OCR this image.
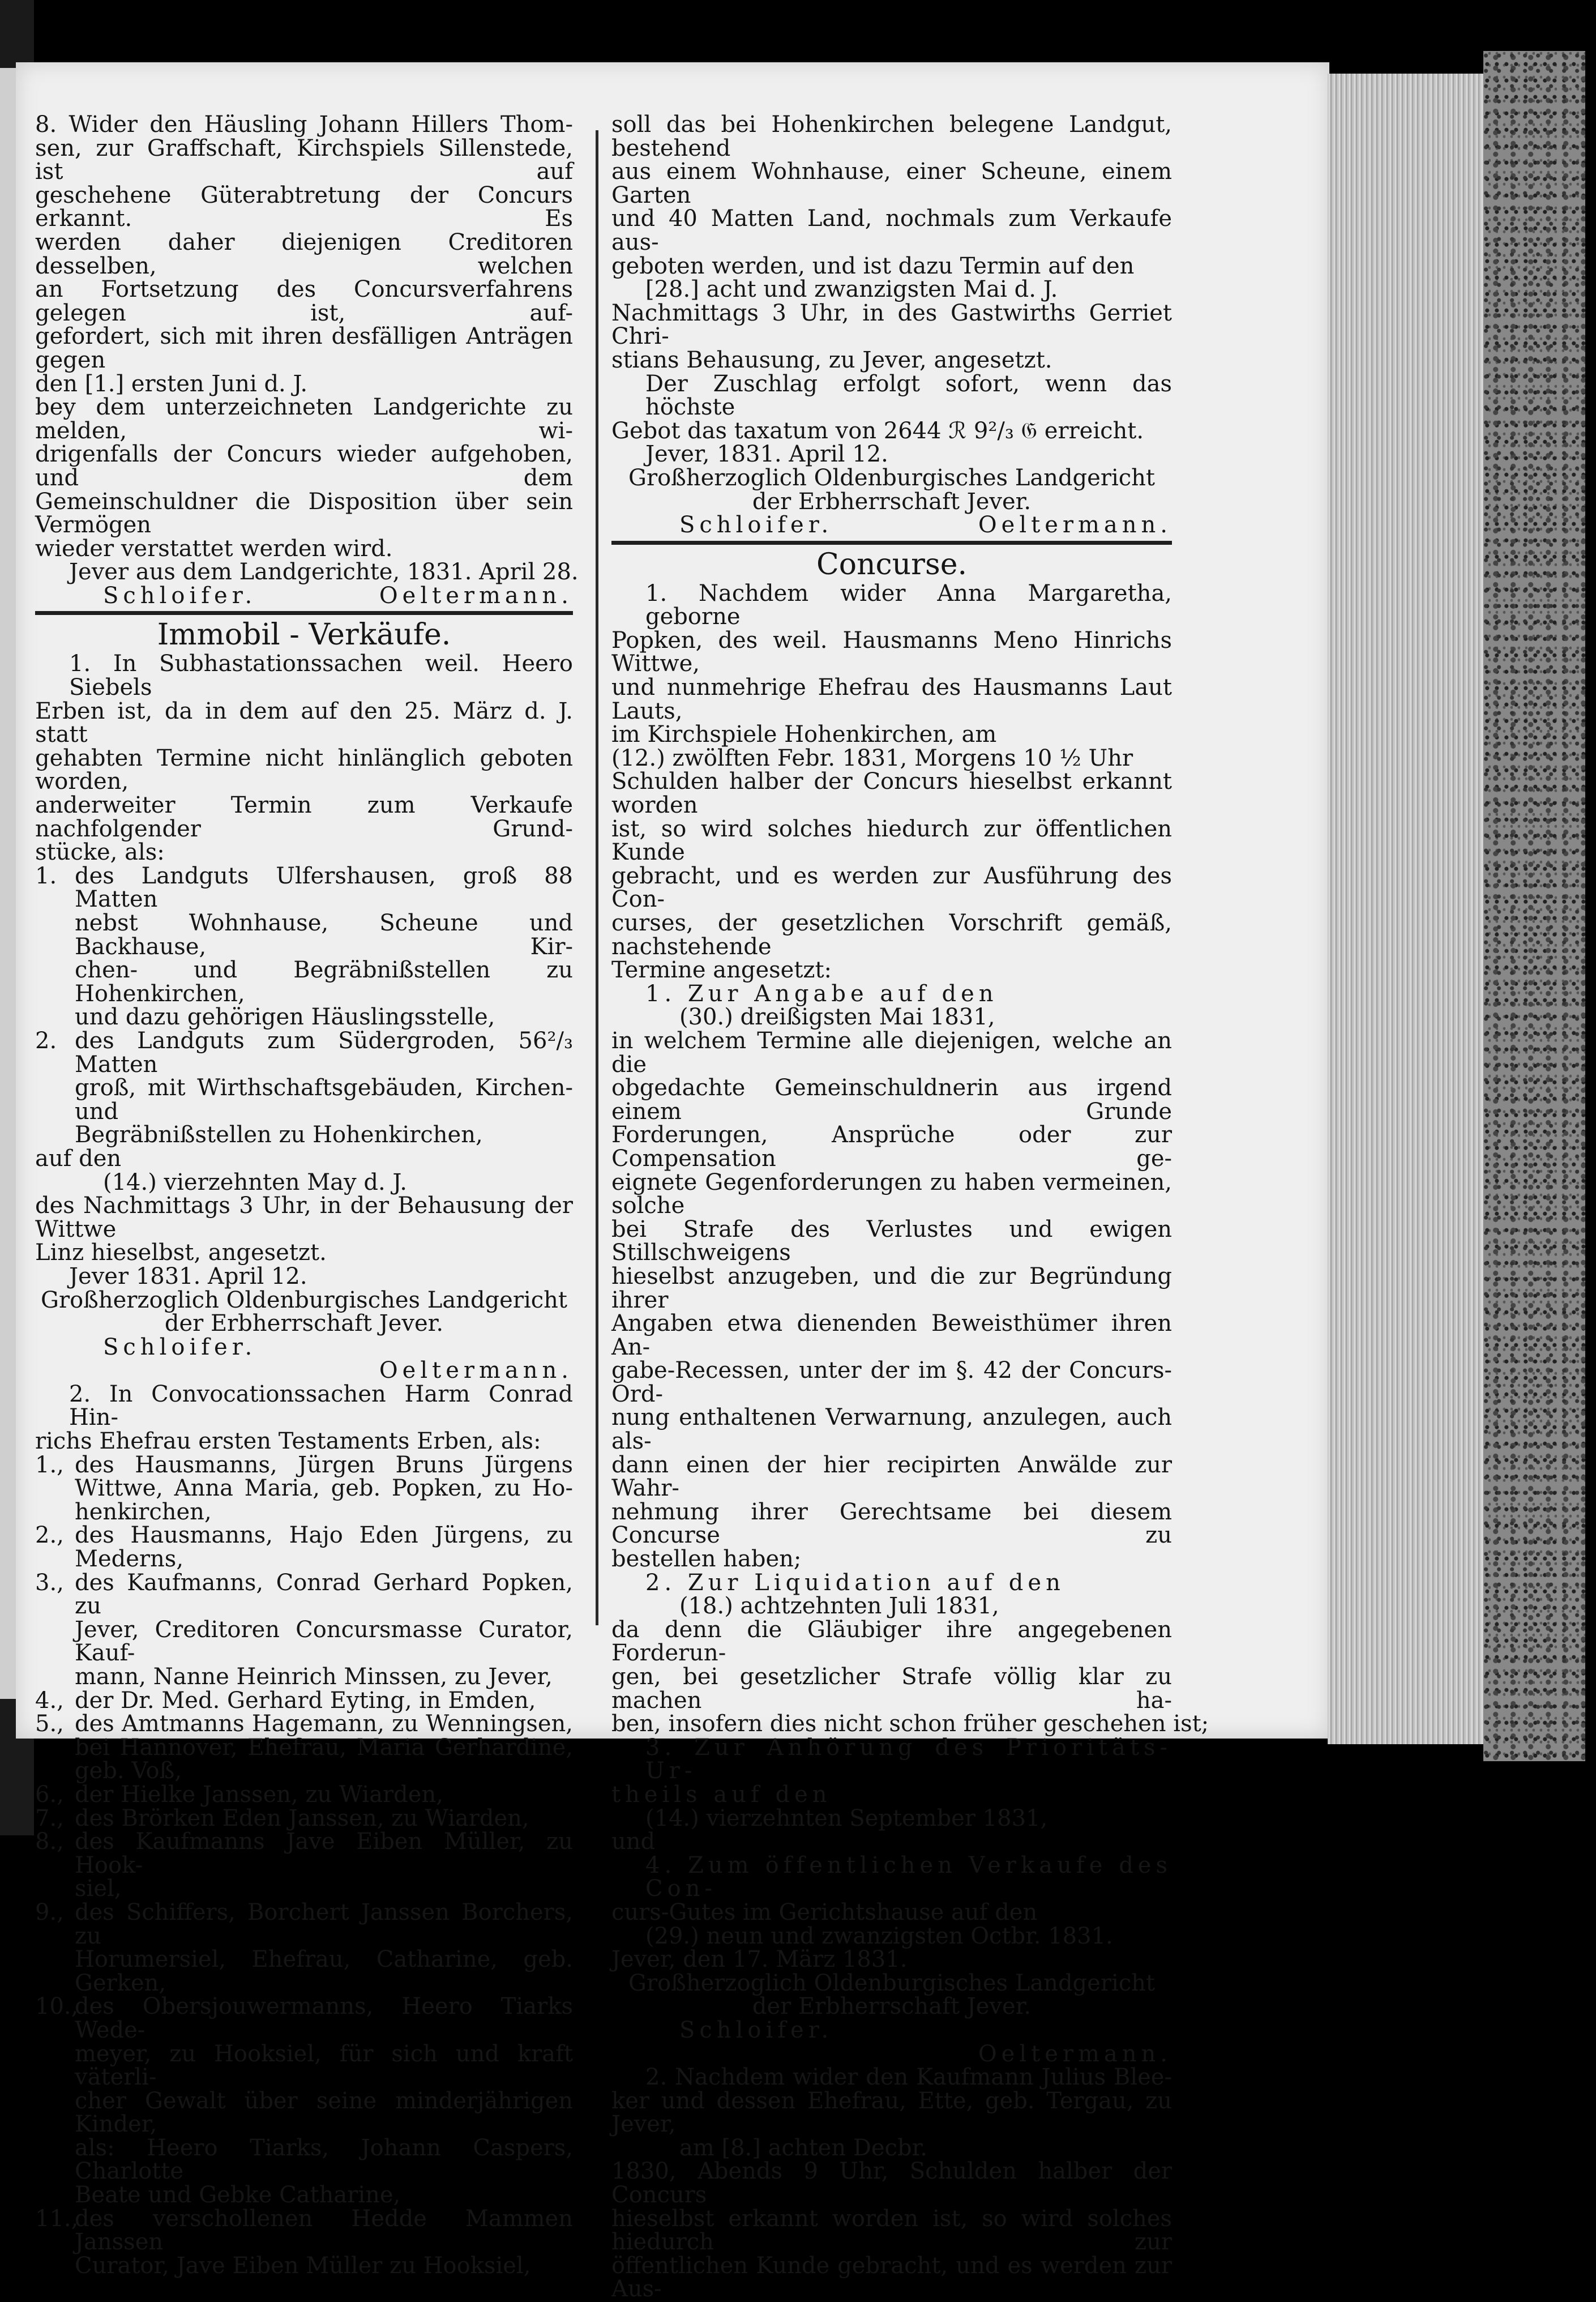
8. Wider den Häusling Johann Hillers Thom-
sen, zur Graffschaft, Kirchspiels Sillenstede, ist auf
geschehene Güterabtretung der Concurs erkannt. Es
werden daher diejenigen Creditoren desselben, welchen
an Fortsetzung des Concursverfahrens gelegen ist, auf-
gefordert, sich mit ihren desfälligen Anträgen gegen
den [1.] ersten Juni d. J.
bey dem unterzeichneten Landgerichte zu melden, wi-
drigenfalls der Concurs wieder aufgehoben, und dem
Gemeinschuldner die Disposition über sein Vermögen
wieder verstattet werden wird.
Jever aus dem Landgerichte, 1831. April 28.
Schloifer.	Oeltermann.
Immobil - Verkäufe.
1. In Subhastationssachen weil. Heero Siebels
Erben ist, da in dem auf den 25. März d. J. statt
gehabten Termine nicht hinlänglich geboten worden,
anderweiter Termin zum Verkaufe nachfolgender Grund-
stücke, als:
1. des Landguts Ulfershausen, groß 88 Matten
nebst Wohnhause, Scheune und Backhause, Kir-
chen- und Begräbnißstellen zu Hohenkirchen,
und dazu gehörigen Häuslingsstelle,
2. des Landguts zum Südergroden, 56²/₃ Matten
groß, mit Wirthschaftsgebäuden, Kirchen- und
Begräbnißstellen zu Hohenkirchen,
auf den
(14.) vierzehnten May d. J.
des Nachmittags 3 Uhr, in der Behausung der Wittwe
Linz hieselbst, angesetzt.
Jever 1831. April 12.
Großherzoglich Oldenburgisches Landgericht
der Erbherrschaft Jever.
Schloifer.
Oeltermann.
2. In Convocationssachen Harm Conrad Hin-
richs Ehefrau ersten Testaments Erben, als:
1., des Hausmanns, Jürgen Bruns Jürgens
Wittwe, Anna Maria, geb. Popken, zu Ho-
henkirchen,
2., des Hausmanns, Hajo Eden Jürgens, zu
Mederns,
3., des Kaufmanns, Conrad Gerhard Popken, zu
Jever, Creditoren Concursmasse Curator, Kauf-
mann, Nanne Heinrich Minssen, zu Jever,
4., der Dr. Med. Gerhard Eyting, in Emden,
5., des Amtmanns Hagemann, zu Wenningsen,
bei Hannover, Ehefrau, Maria Gerhardine,
geb. Voß,
6., der Hielke Janssen, zu Wiarden,
7., des Brörken Eden Janssen, zu Wiarden,
8., des Kaufmanns Jave Eiben Müller, zu Hook-
siel,
9., des Schiffers, Borchert Janssen Borchers, zu
Horumersiel, Ehefrau, Catharine, geb. Gerken,
10.,
des Obersjouwermanns, Heero Tiarks Wede-
meyer, zu Hooksiel, für sich und kraft väterli-
cher Gewalt über seine minderjährigen Kinder,
als: Heero Tiarks, Johann Caspers, Charlotte
Beate und Gebke Catharine,
11.,
des verschollenen Hedde Mammen Janssen
Curator, Jave Eiben Müller zu Hooksiel,
soll das bei Hohenkirchen belegene Landgut, bestehend
aus einem Wohnhause, einer Scheune, einem Garten
und 40 Matten Land, nochmals zum Verkaufe aus-
geboten werden, und ist dazu Termin auf den
[28.] acht und zwanzigsten Mai d. J.
Nachmittags 3 Uhr, in des Gastwirths Gerriet Chri-
stians Behausung, zu Jever, angesetzt.
Der Zuschlag erfolgt sofort, wenn das höchste
Gebot das taxatum von 2644 ℛ 9²/₃ 𝔊 erreicht.
Jever, 1831. April 12.
Großherzoglich Oldenburgisches Landgericht
der Erbherrschaft Jever.
Schloifer.	Oeltermann.
Concurse.
1. Nachdem wider Anna Margaretha, geborne
Popken, des weil. Hausmanns Meno Hinrichs Wittwe,
und nunmehrige Ehefrau des Hausmanns Laut Lauts,
im Kirchspiele Hohenkirchen, am
(12.) zwölften Febr. 1831, Morgens 10 ½ Uhr
Schulden halber der Concurs hieselbst erkannt worden
ist, so wird solches hiedurch zur öffentlichen Kunde
gebracht, und es werden zur Ausführung des Con-
curses, der gesetzlichen Vorschrift gemäß, nachstehende
Termine angesetzt:
1. Zur Angabe auf den
(30.) dreißigsten Mai 1831,
in welchem Termine alle diejenigen, welche an die
obgedachte Gemeinschuldnerin aus irgend einem Grunde
Forderungen, Ansprüche oder zur Compensation ge-
eignete Gegenforderungen zu haben vermeinen, solche
bei Strafe des Verlustes und ewigen Stillschweigens
hieselbst anzugeben, und die zur Begründung ihrer
Angaben etwa dienenden Beweisthümer ihren An-
gabe-Recessen, unter der im §. 42 der Concurs-Ord-
nung enthaltenen Verwarnung, anzulegen, auch als-
dann einen der hier recipirten Anwälde zur Wahr-
nehmung ihrer Gerechtsame bei diesem Concurse zu
bestellen haben;
2. Zur Liquidation auf den
(18.) achtzehnten Juli 1831,
da denn die Gläubiger ihre angegebenen Forderun-
gen, bei gesetzlicher Strafe völlig klar zu machen ha-
ben, insofern dies nicht schon früher geschehen ist;
3. Zur Anhörung des Prioritäts-Ur-
theils auf den
(14.) vierzehnten September 1831,
und
4. Zum öffentlichen Verkaufe des Con-
curs-Gutes im Gerichtshause auf den
(29.) neun und zwanzigsten Octbr. 1831.
Jever, den 17. März 1831.
Großherzoglich Oldenburgisches Landgericht
der Erbherrschaft Jever.
Schloifer.
Oeltermann.
2. Nachdem wider den Kaufmann Julius Blee-
ker und dessen Ehefrau, Ette, geb. Tergau, zu Jever,
am [8.] achten Decbr.
1830, Abends 9 Uhr, Schulden halber der Concurs
hieselbst erkannt worden ist, so wird solches hiedurch zur
öffentlichen Kunde gebracht, und es werden zur Aus-
